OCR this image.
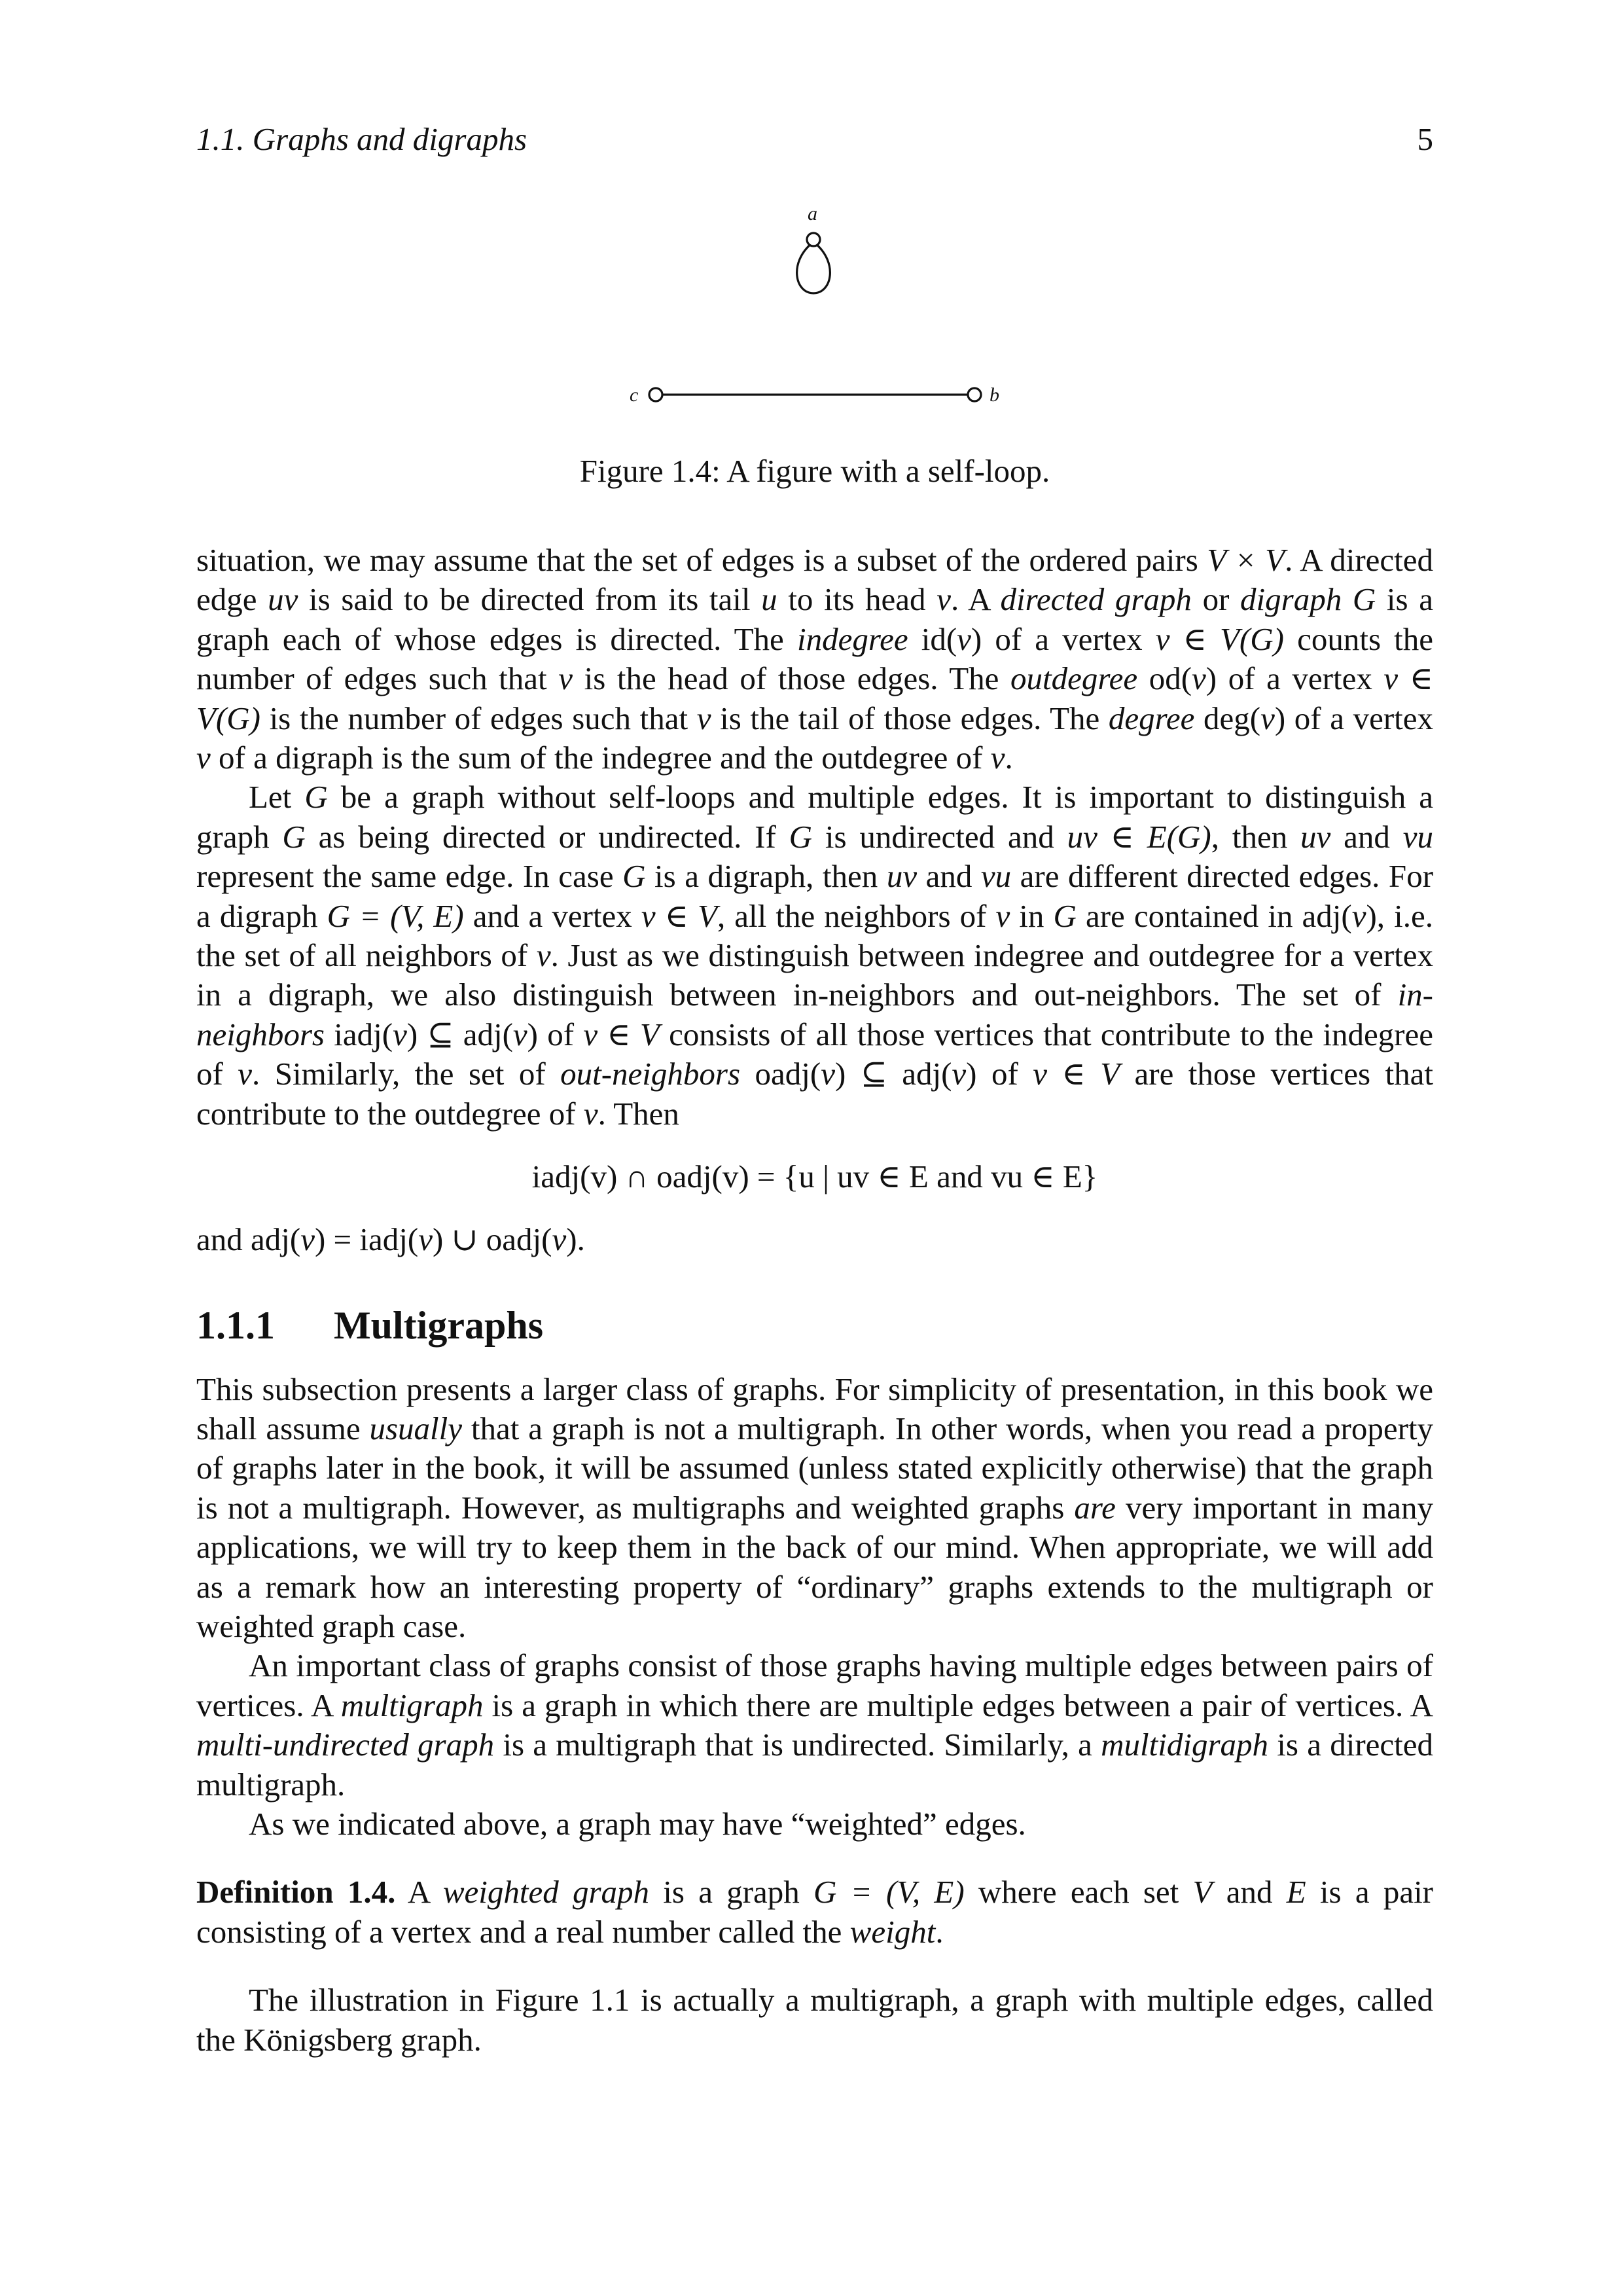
1.1. Graphs and digraphs	5
a
c	b
Figure 1.4: A figure with a self-loop.

situation, we may assume that the set of edges is a subset of the ordered pairs V × V. A directed edge uv is said to be directed from its tail u to its head v. A directed graph or digraph G is a graph each of whose edges is directed. The indegree id(v) of a vertex v ∈ V(G) counts the number of edges such that v is the head of those edges. The outdegree od(v) of a vertex v ∈ V(G) is the number of edges such that v is the tail of those edges. The degree deg(v) of a vertex v of a digraph is the sum of the indegree and the outdegree of v.

Let G be a graph without self-loops and multiple edges. It is important to distinguish a graph G as being directed or undirected. If G is undirected and uv ∈ E(G), then uv and vu represent the same edge. In case G is a digraph, then uv and vu are different directed edges. For a digraph G = (V, E) and a vertex v ∈ V, all the neighbors of v in G are contained in adj(v), i.e. the set of all neighbors of v. Just as we distinguish between indegree and outdegree for a vertex in a digraph, we also distinguish between in-neighbors and out-neighbors. The set of in-neighbors iadj(v) ⊆ adj(v) of v ∈ V consists of all those vertices that contribute to the indegree of v. Similarly, the set of out-neighbors oadj(v) ⊆ adj(v) of v ∈ V are those vertices that contribute to the outdegree of v. Then

iadj(v) ∩ oadj(v) = {u | uv ∈ E and vu ∈ E}

and adj(v) = iadj(v) ∪ oadj(v).

1.1.1 Multigraphs

This subsection presents a larger class of graphs. For simplicity of presentation, in this book we shall assume usually that a graph is not a multigraph. In other words, when you read a property of graphs later in the book, it will be assumed (unless stated explicitly otherwise) that the graph is not a multigraph. However, as multigraphs and weighted graphs are very important in many applications, we will try to keep them in the back of our mind. When appropriate, we will add as a remark how an interesting property of “ordinary” graphs extends to the multigraph or weighted graph case.

An important class of graphs consist of those graphs having multiple edges between pairs of vertices. A multigraph is a graph in which there are multiple edges between a pair of vertices. A multi-undirected graph is a multigraph that is undirected. Similarly, a multidigraph is a directed multigraph.

As we indicated above, a graph may have “weighted” edges.

Definition 1.4. A weighted graph is a graph G = (V, E) where each set V and E is a pair consisting of a vertex and a real number called the weight.

The illustration in Figure 1.1 is actually a multigraph, a graph with multiple edges, called the Königsberg graph.
